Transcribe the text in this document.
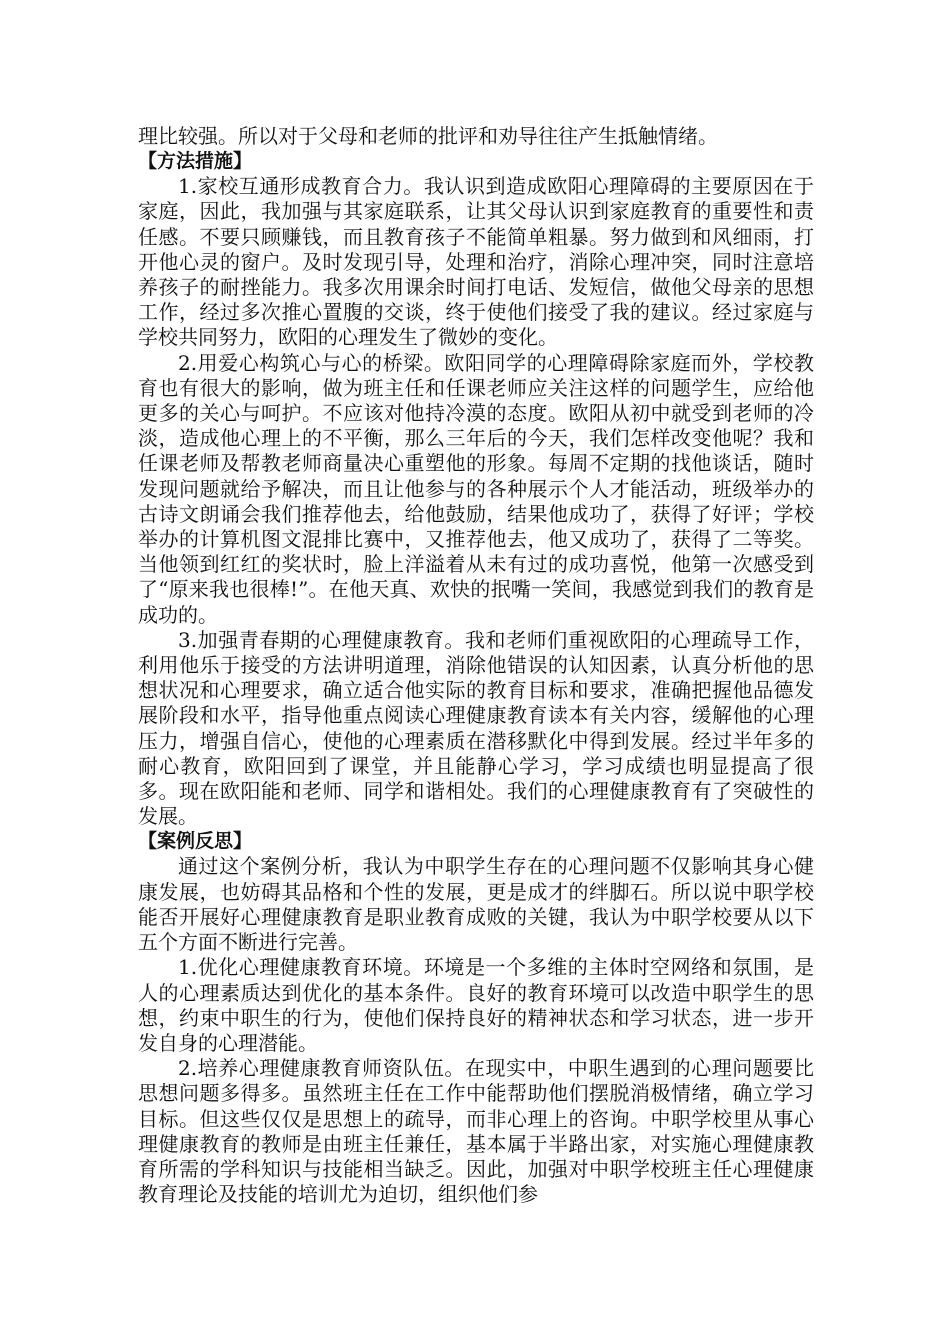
理比较强。所以对于父母和老师的批评和劝导往往产生抵触情绪。

【方法措施】

1.家校互通形成教育合力。我认识到造成欧阳心理障碍的主要原因在于家庭，因此，我加强与其家庭联系，让其父母认识到家庭教育的重要性和责任感。不要只顾赚钱，而且教育孩子不能简单粗暴。努力做到和风细雨，打开他心灵的窗户。及时发现引导，处理和治疗，消除心理冲突，同时注意培养孩子的耐挫能力。我多次用课余时间打电话、发短信，做他父母亲的思想工作，经过多次推心置腹的交谈，终于使他们接受了我的建议。经过家庭与学校共同努力，欧阳的心理发生了微妙的变化。

2.用爱心构筑心与心的桥梁。欧阳同学的心理障碍除家庭而外，学校教育也有很大的影响，做为班主任和任课老师应关注这样的问题学生，应给他更多的关心与呵护。不应该对他持冷漠的态度。欧阳从初中就受到老师的冷淡，造成他心理上的不平衡，那么三年后的今天，我们怎样改变他呢？我和任课老师及帮教老师商量决心重塑他的形象。每周不定期的找他谈话，随时发现问题就给予解决，而且让他参与的各种展示个人才能活动，班级举办的古诗文朗诵会我们推荐他去，给他鼓励，结果他成功了，获得了好评；学校举办的计算机图文混排比赛中，又推荐他去，他又成功了，获得了二等奖。当他领到红红的奖状时，脸上洋溢着从未有过的成功喜悦，他第一次感受到了“原来我也很棒!”。在他天真、欢快的抿嘴一笑间，我感觉到我们的教育是成功的。

3.加强青春期的心理健康教育。我和老师们重视欧阳的心理疏导工作，利用他乐于接受的方法讲明道理，消除他错误的认知因素，认真分析他的思想状况和心理要求，确立适合他实际的教育目标和要求，准确把握他品德发展阶段和水平，指导他重点阅读心理健康教育读本有关内容，缓解他的心理压力，增强自信心，使他的心理素质在潜移默化中得到发展。经过半年多的耐心教育，欧阳回到了课堂，并且能静心学习，学习成绩也明显提高了很多。现在欧阳能和老师、同学和谐相处。我们的心理健康教育有了突破性的发展。

【案例反思】

通过这个案例分析，我认为中职学生存在的心理问题不仅影响其身心健康发展，也妨碍其品格和个性的发展，更是成才的绊脚石。所以说中职学校能否开展好心理健康教育是职业教育成败的关键，我认为中职学校要从以下五个方面不断进行完善。

1.优化心理健康教育环境。环境是一个多维的主体时空网络和氛围，是人的心理素质达到优化的基本条件。良好的教育环境可以改造中职学生的思想，约束中职生的行为，使他们保持良好的精神状态和学习状态，进一步开发自身的心理潜能。

2.培养心理健康教育师资队伍。在现实中，中职生遇到的心理问题要比思想问题多得多。虽然班主任在工作中能帮助他们摆脱消极情绪，确立学习目标。但这些仅仅是思想上的疏导，而非心理上的咨询。中职学校里从事心理健康教育的教师是由班主任兼任，基本属于半路出家，对实施心理健康教育所需的学科知识与技能相当缺乏。因此，加强对中职学校班主任心理健康教育理论及技能的培训尤为迫切，组织他们参
